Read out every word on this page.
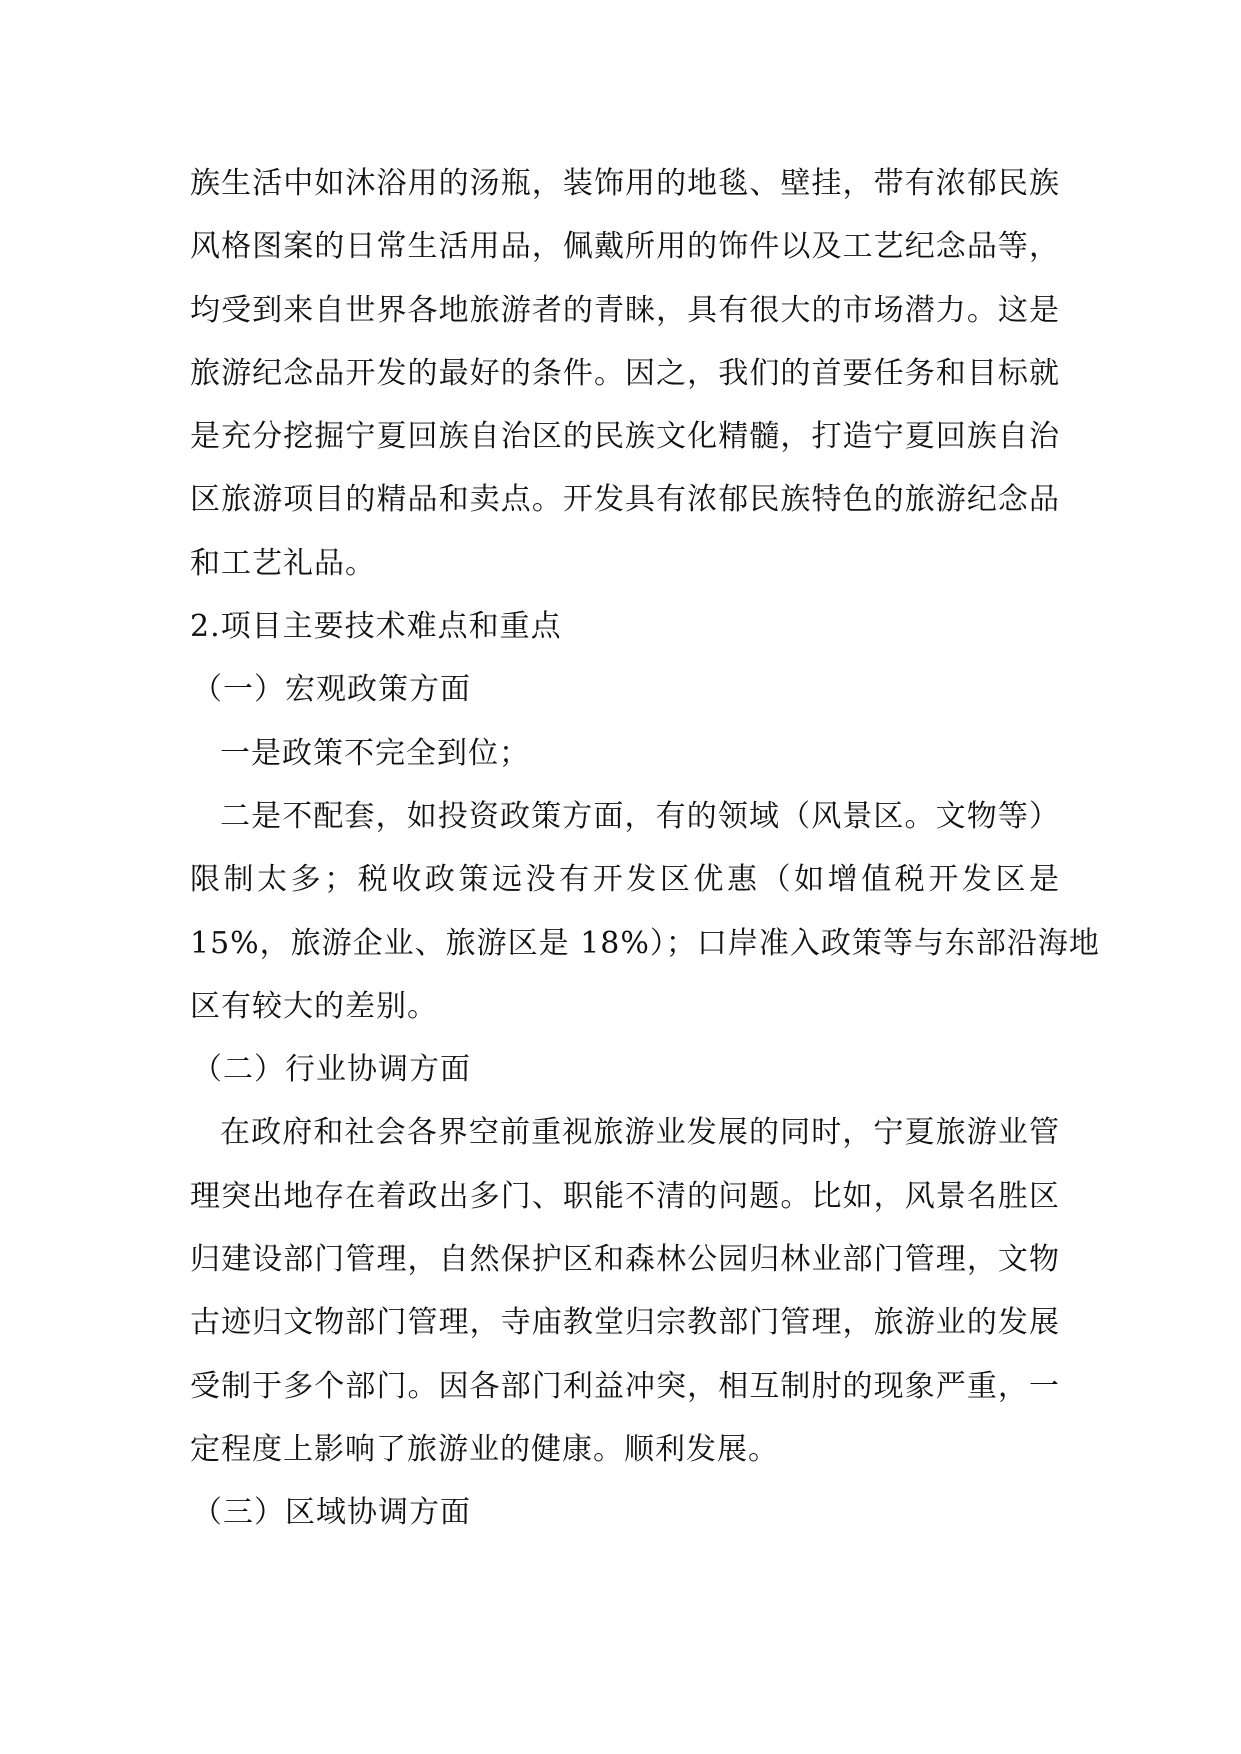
族生活中如沐浴用的汤瓶，装饰用的地毯、壁挂，带有浓郁民族
风格图案的日常生活用品，佩戴所用的饰件以及工艺纪念品等，
均受到来自世界各地旅游者的青睐，具有很大的市场潜力。这是
旅游纪念品开发的最好的条件。因之，我们的首要任务和目标就
是充分挖掘宁夏回族自治区的民族文化精髓，打造宁夏回族自治
区旅游项目的精品和卖点。开发具有浓郁民族特色的旅游纪念品
和工艺礼品。
2.项目主要技术难点和重点
（一）宏观政策方面
一是政策不完全到位；
二是不配套，如投资政策方面，有的领域（风景区。文物等）
限制太多；税收政策远没有开发区优惠（如增值税开发区是
15%，旅游企业、旅游区是 18%）；口岸准入政策等与东部沿海地
区有较大的差别。
（二）行业协调方面
在政府和社会各界空前重视旅游业发展的同时，宁夏旅游业管
理突出地存在着政出多门、职能不清的问题。比如，风景名胜区
归建设部门管理，自然保护区和森林公园归林业部门管理，文物
古迹归文物部门管理，寺庙教堂归宗教部门管理，旅游业的发展
受制于多个部门。因各部门利益冲突，相互制肘的现象严重，一
定程度上影响了旅游业的健康。顺利发展。
（三）区域协调方面
